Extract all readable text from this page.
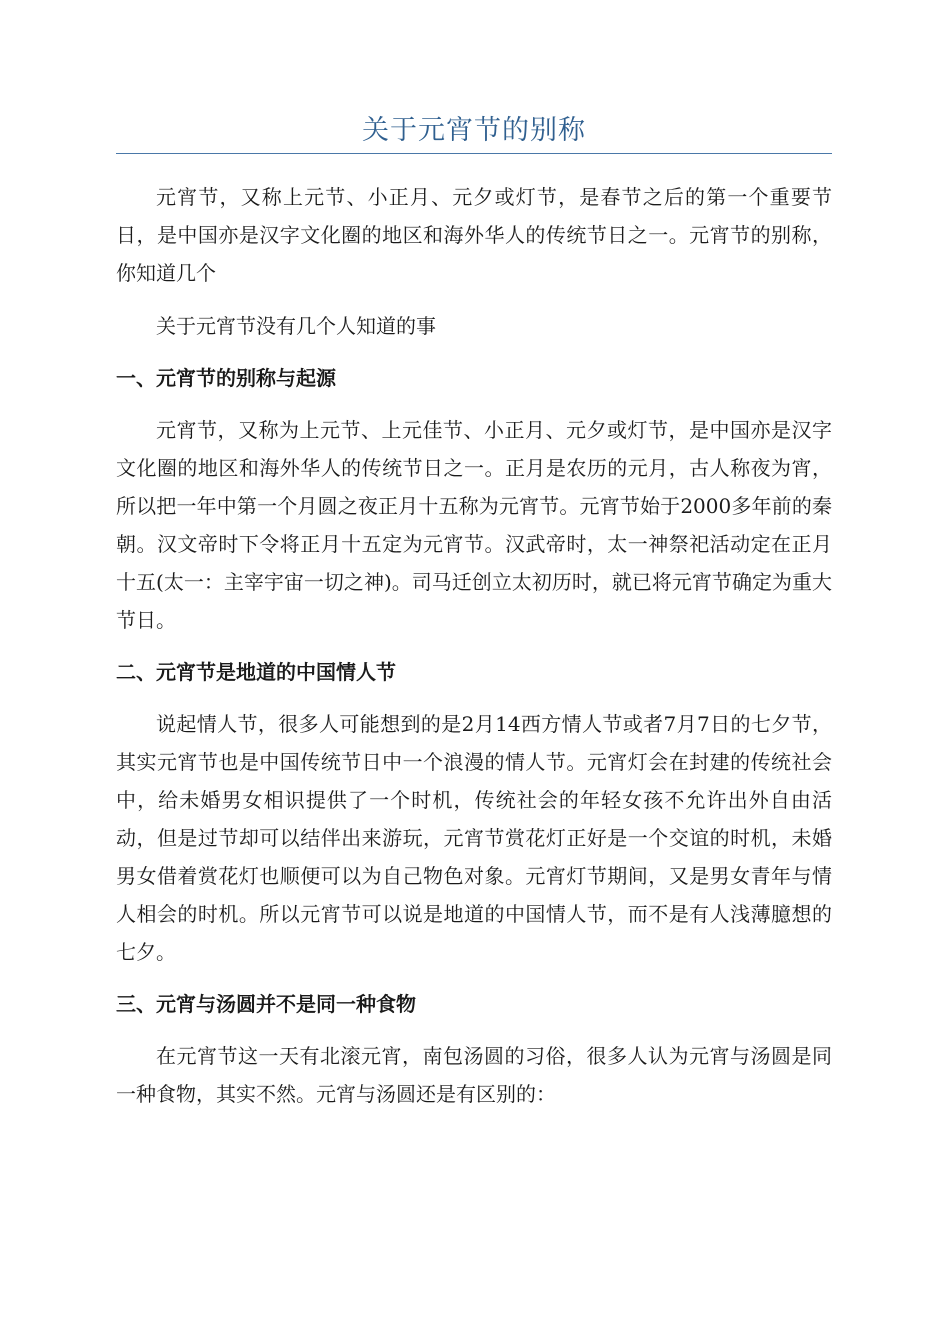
关于元宵节的别称

元宵节，又称上元节、小正月、元夕或灯节，是春节之后的第一个重要节日，是中国亦是汉字文化圈的地区和海外华人的传统节日之一。元宵节的别称，你知道几个

关于元宵节没有几个人知道的事

一、元宵节的别称与起源

元宵节，又称为上元节、上元佳节、小正月、元夕或灯节，是中国亦是汉字文化圈的地区和海外华人的传统节日之一。正月是农历的元月，古人称夜为宵，所以把一年中第一个月圆之夜正月十五称为元宵节。元宵节始于2000多年前的秦朝。汉文帝时下令将正月十五定为元宵节。汉武帝时，太一神祭祀活动定在正月十五(太一：主宰宇宙一切之神)。司马迁创立太初历时，就已将元宵节确定为重大节日。

二、元宵节是地道的中国情人节

说起情人节，很多人可能想到的是2月14西方情人节或者7月7日的七夕节，其实元宵节也是中国传统节日中一个浪漫的情人节。元宵灯会在封建的传统社会中，给未婚男女相识提供了一个时机，传统社会的年轻女孩不允许出外自由活动，但是过节却可以结伴出来游玩，元宵节赏花灯正好是一个交谊的时机，未婚男女借着赏花灯也顺便可以为自己物色对象。元宵灯节期间，又是男女青年与情人相会的时机。所以元宵节可以说是地道的中国情人节，而不是有人浅薄臆想的七夕。

三、元宵与汤圆并不是同一种食物

在元宵节这一天有北滚元宵，南包汤圆的习俗，很多人认为元宵与汤圆是同一种食物，其实不然。元宵与汤圆还是有区别的：
